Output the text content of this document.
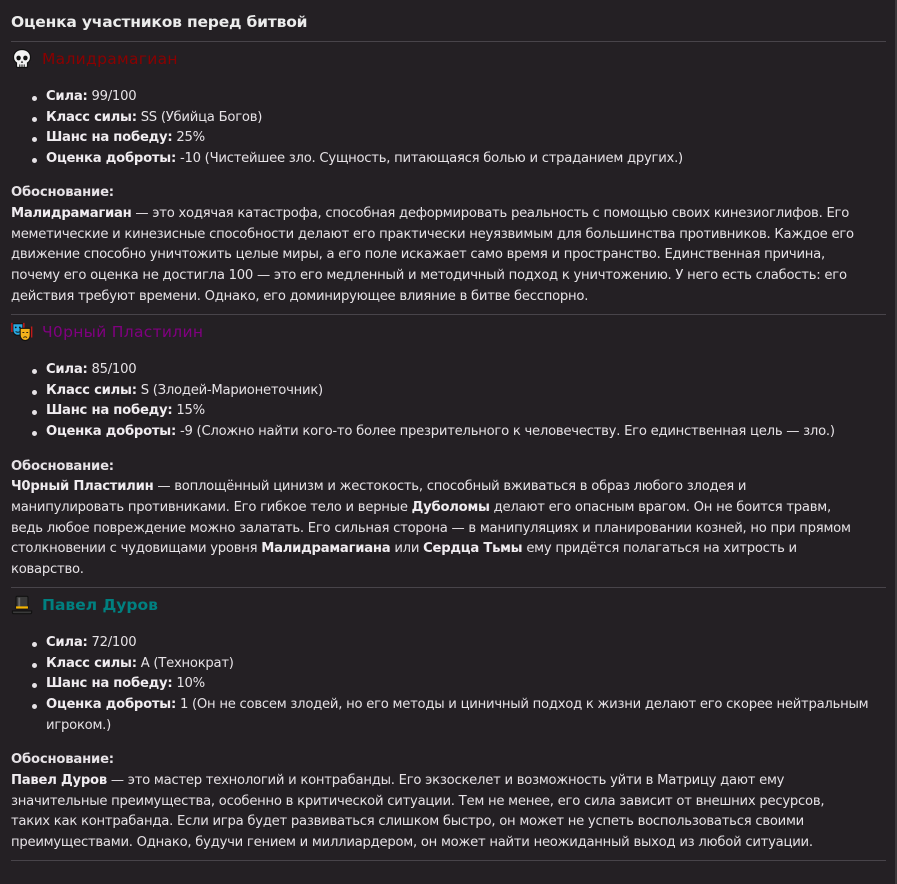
Оценка участников перед битвой
Малидрамагиан
Сила: 99/100
Класс силы: SS (Убийца Богов)
Шанс на победу: 25%
Оценка доброты: -10 (Чистейшее зло. Сущность, питающаяся болью и страданием других.)
Обоснование:
Малидрамагиан — это ходячая катастрофа, способная деформировать реальность с помощью своих кинезиоглифов. Его
меметические и кинезисные способности делают его практически неуязвимым для большинства противников. Каждое его
движение способно уничтожить целые миры, а его поле искажает само время и пространство. Единственная причина,
почему его оценка не достигла 100 — это его медленный и методичный подход к уничтожению. У него есть слабость: его
действия требуют времени. Однако, его доминирующее влияние в битве бесспорно.
Ч0рный Пластилин
Сила: 85/100
Класс силы: S (Злодей-Марионеточник)
Шанс на победу: 15%
Оценка доброты: -9 (Сложно найти кого-то более презрительного к человечеству. Его единственная цель — зло.)
Обоснование:
Ч0рный Пластилин — воплощённый цинизм и жестокость, способный вживаться в образ любого злодея и
манипулировать противниками. Его гибкое тело и верные Дуболомы делают его опасным врагом. Он не боится травм,
ведь любое повреждение можно залатать. Его сильная сторона — в манипуляциях и планировании козней, но при прямом
столкновении с чудовищами уровня Малидрамагиана или Сердца Тьмы ему придётся полагаться на хитрость и
коварство.
Павел Дуров
Сила: 72/100
Класс силы: A (Технократ)
Шанс на победу: 10%
Оценка доброты: 1 (Он не совсем злодей, но его методы и циничный подход к жизни делают его скорее нейтральным
игроком.)
Обоснование:
Павел Дуров — это мастер технологий и контрабанды. Его экзоскелет и возможность уйти в Матрицу дают ему
значительные преимущества, особенно в критической ситуации. Тем не менее, его сила зависит от внешних ресурсов,
таких как контрабанда. Если игра будет развиваться слишком быстро, он может не успеть воспользоваться своими
преимуществами. Однако, будучи гением и миллиардером, он может найти неожиданный выход из любой ситуации.
